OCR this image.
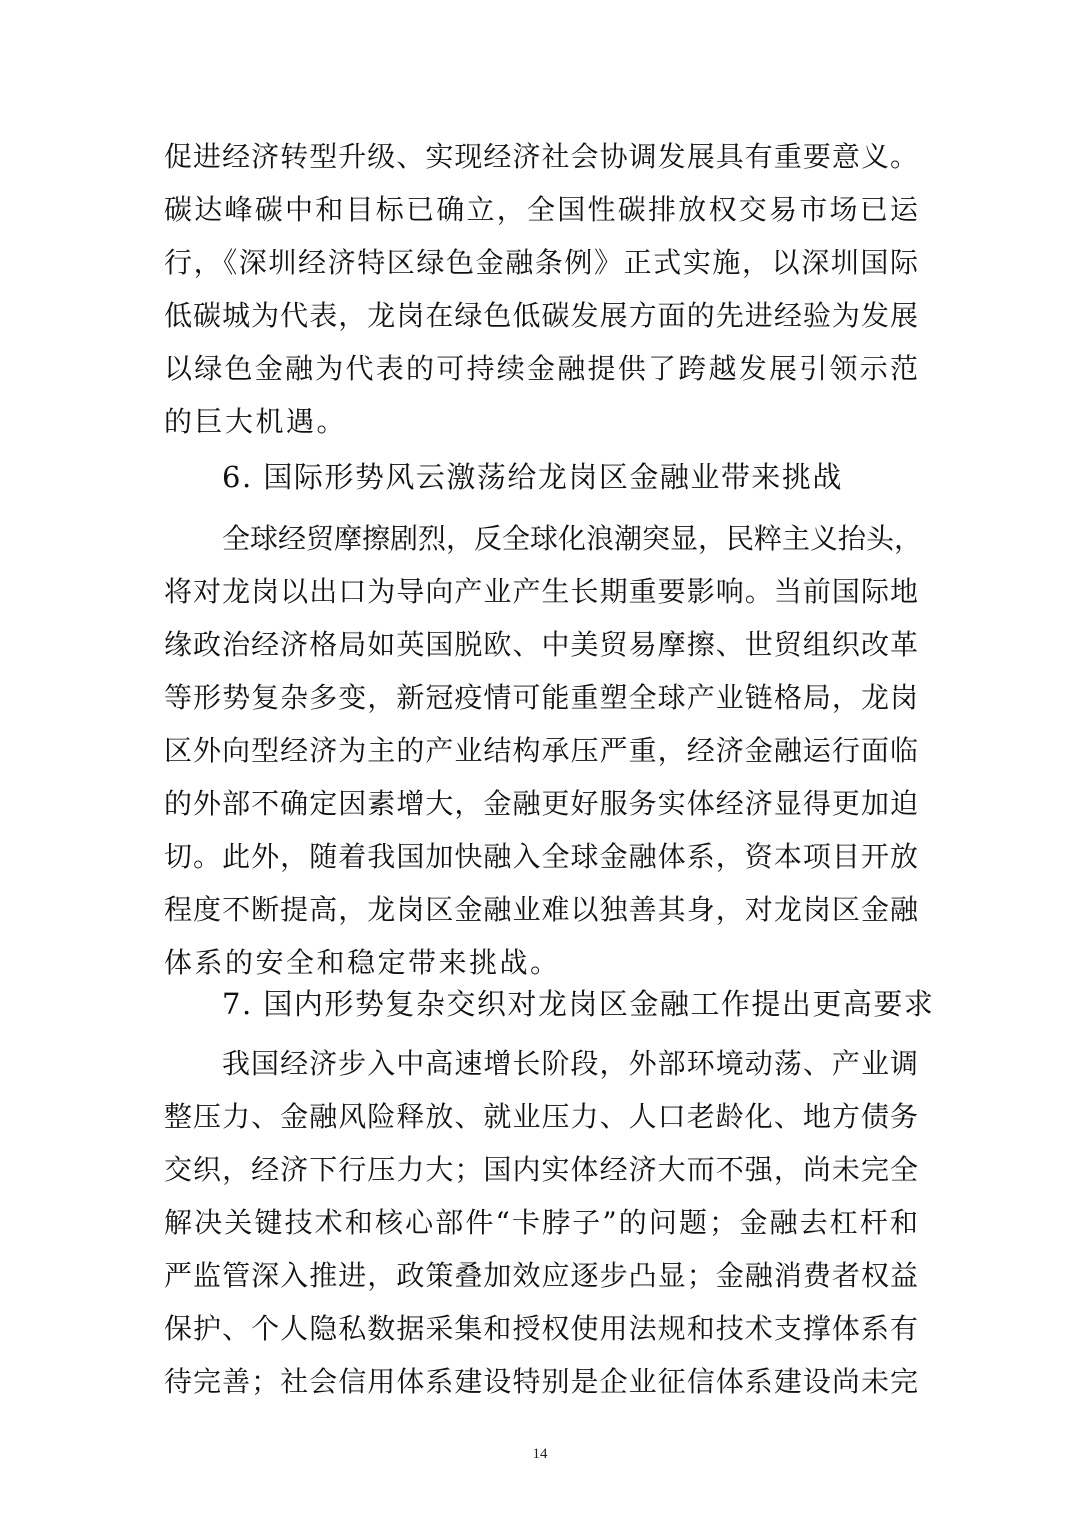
促进经济转型升级、实现经济社会协调发展具有重要意义。
碳达峰碳中和目标已确立，全国性碳排放权交易市场已运
行，《深圳经济特区绿色金融条例》正式实施，以深圳国际
低碳城为代表，龙岗在绿色低碳发展方面的先进经验为发展
以绿色金融为代表的可持续金融提供了跨越发展引领示范
的巨大机遇。
6. 国际形势风云激荡给龙岗区金融业带来挑战
全球经贸摩擦剧烈，反全球化浪潮突显，民粹主义抬头，
将对龙岗以出口为导向产业产生长期重要影响。当前国际地
缘政治经济格局如英国脱欧、中美贸易摩擦、世贸组织改革
等形势复杂多变，新冠疫情可能重塑全球产业链格局，龙岗
区外向型经济为主的产业结构承压严重，经济金融运行面临
的外部不确定因素增大，金融更好服务实体经济显得更加迫
切。此外，随着我国加快融入全球金融体系，资本项目开放
程度不断提高，龙岗区金融业难以独善其身，对龙岗区金融
体系的安全和稳定带来挑战。
7. 国内形势复杂交织对龙岗区金融工作提出更高要求
我国经济步入中高速增长阶段，外部环境动荡、产业调
整压力、金融风险释放、就业压力、人口老龄化、地方债务
交织，经济下行压力大；国内实体经济大而不强，尚未完全
解决关键技术和核心部件“卡脖子”的问题；金融去杠杆和
严监管深入推进，政策叠加效应逐步凸显；金融消费者权益
保护、个人隐私数据采集和授权使用法规和技术支撑体系有
待完善；社会信用体系建设特别是企业征信体系建设尚未完
14
